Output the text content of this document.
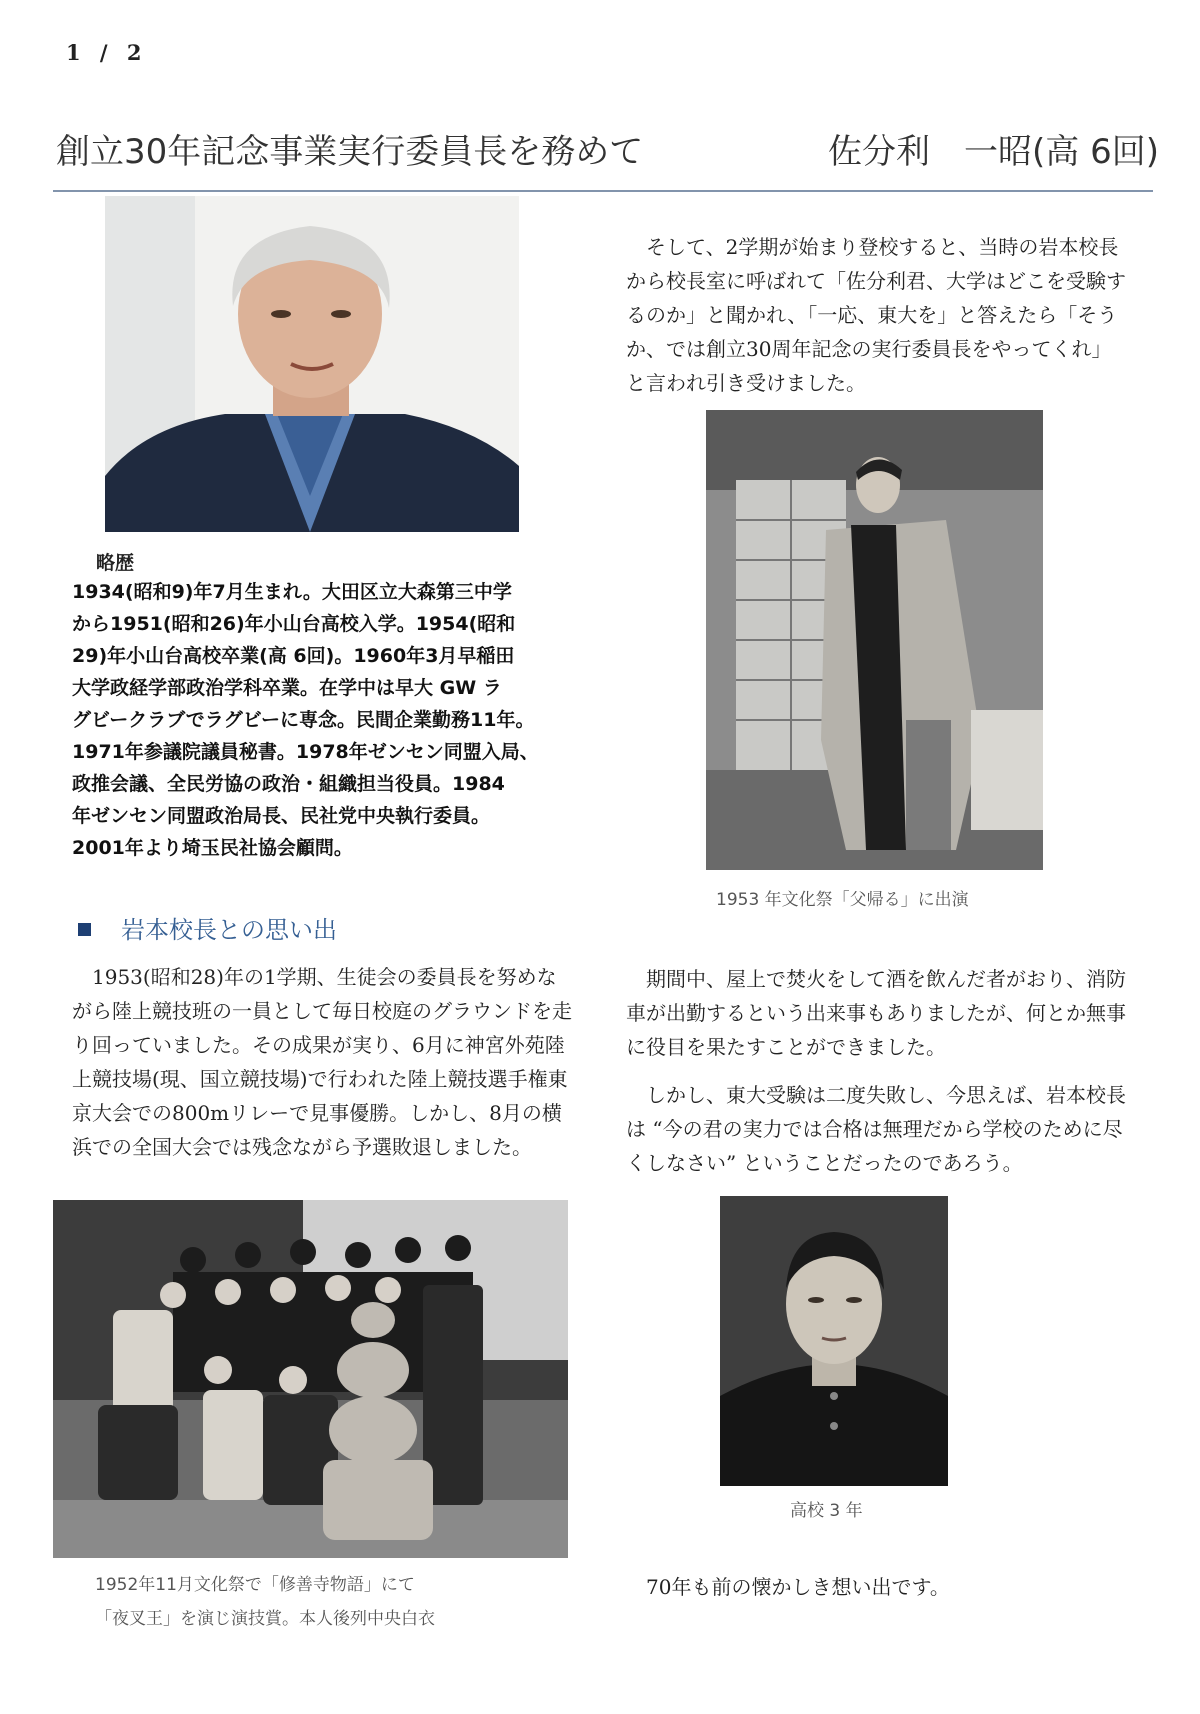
1 / 2
創立30年記念事業実行委員長を務めて	佐分利　一昭(高 6回)
略歴
1934(昭和9)年7月生まれ。大田区立大森第三中学
から1951(昭和26)年小山台高校入学。1954(昭和
29)年小山台高校卒業(高 6回)。1960年3月早稲田
大学政経学部政治学科卒業。在学中は早大 GW ラ
グビークラブでラグビーに専念。民間企業勤務11年。
1971年参議院議員秘書。1978年ゼンセン同盟入局、
政推会議、全民労協の政治・組織担当役員。1984
年ゼンセン同盟政治局長、民社党中央執行委員。
2001年より埼玉民社協会顧問。
岩本校長との思い出
1953(昭和28)年の1学期、生徒会の委員長を努めながら陸上競技班の一員として毎日校庭のグラウンドを走り回っていました。その成果が実り、6月に神宮外苑陸上競技場(現、国立競技場)で行われた陸上競技選手権東京大会での800mリレーで見事優勝。しかし、8月の横浜での全国大会では残念ながら予選敗退しました。
1952年11月文化祭で「修善寺物語」にて
「夜叉王」を演じ演技賞。本人後列中央白衣
そして、2学期が始まり登校すると、当時の岩本校長から校長室に呼ばれて「佐分利君、大学はどこを受験するのか」と聞かれ、「一応、東大を」と答えたら「そうか、では創立30周年記念の実行委員長をやってくれ」と言われ引き受けました。
1953 年文化祭「父帰る」に出演
期間中、屋上で焚火をして酒を飲んだ者がおり、消防車が出勤するという出来事もありましたが、何とか無事に役目を果たすことができました。
しかし、東大受験は二度失敗し、今思えば、岩本校長は “今の君の実力では合格は無理だから学校のために尽くしなさい” ということだったのであろう。
高校 3 年
70年も前の懐かしき想い出です。
